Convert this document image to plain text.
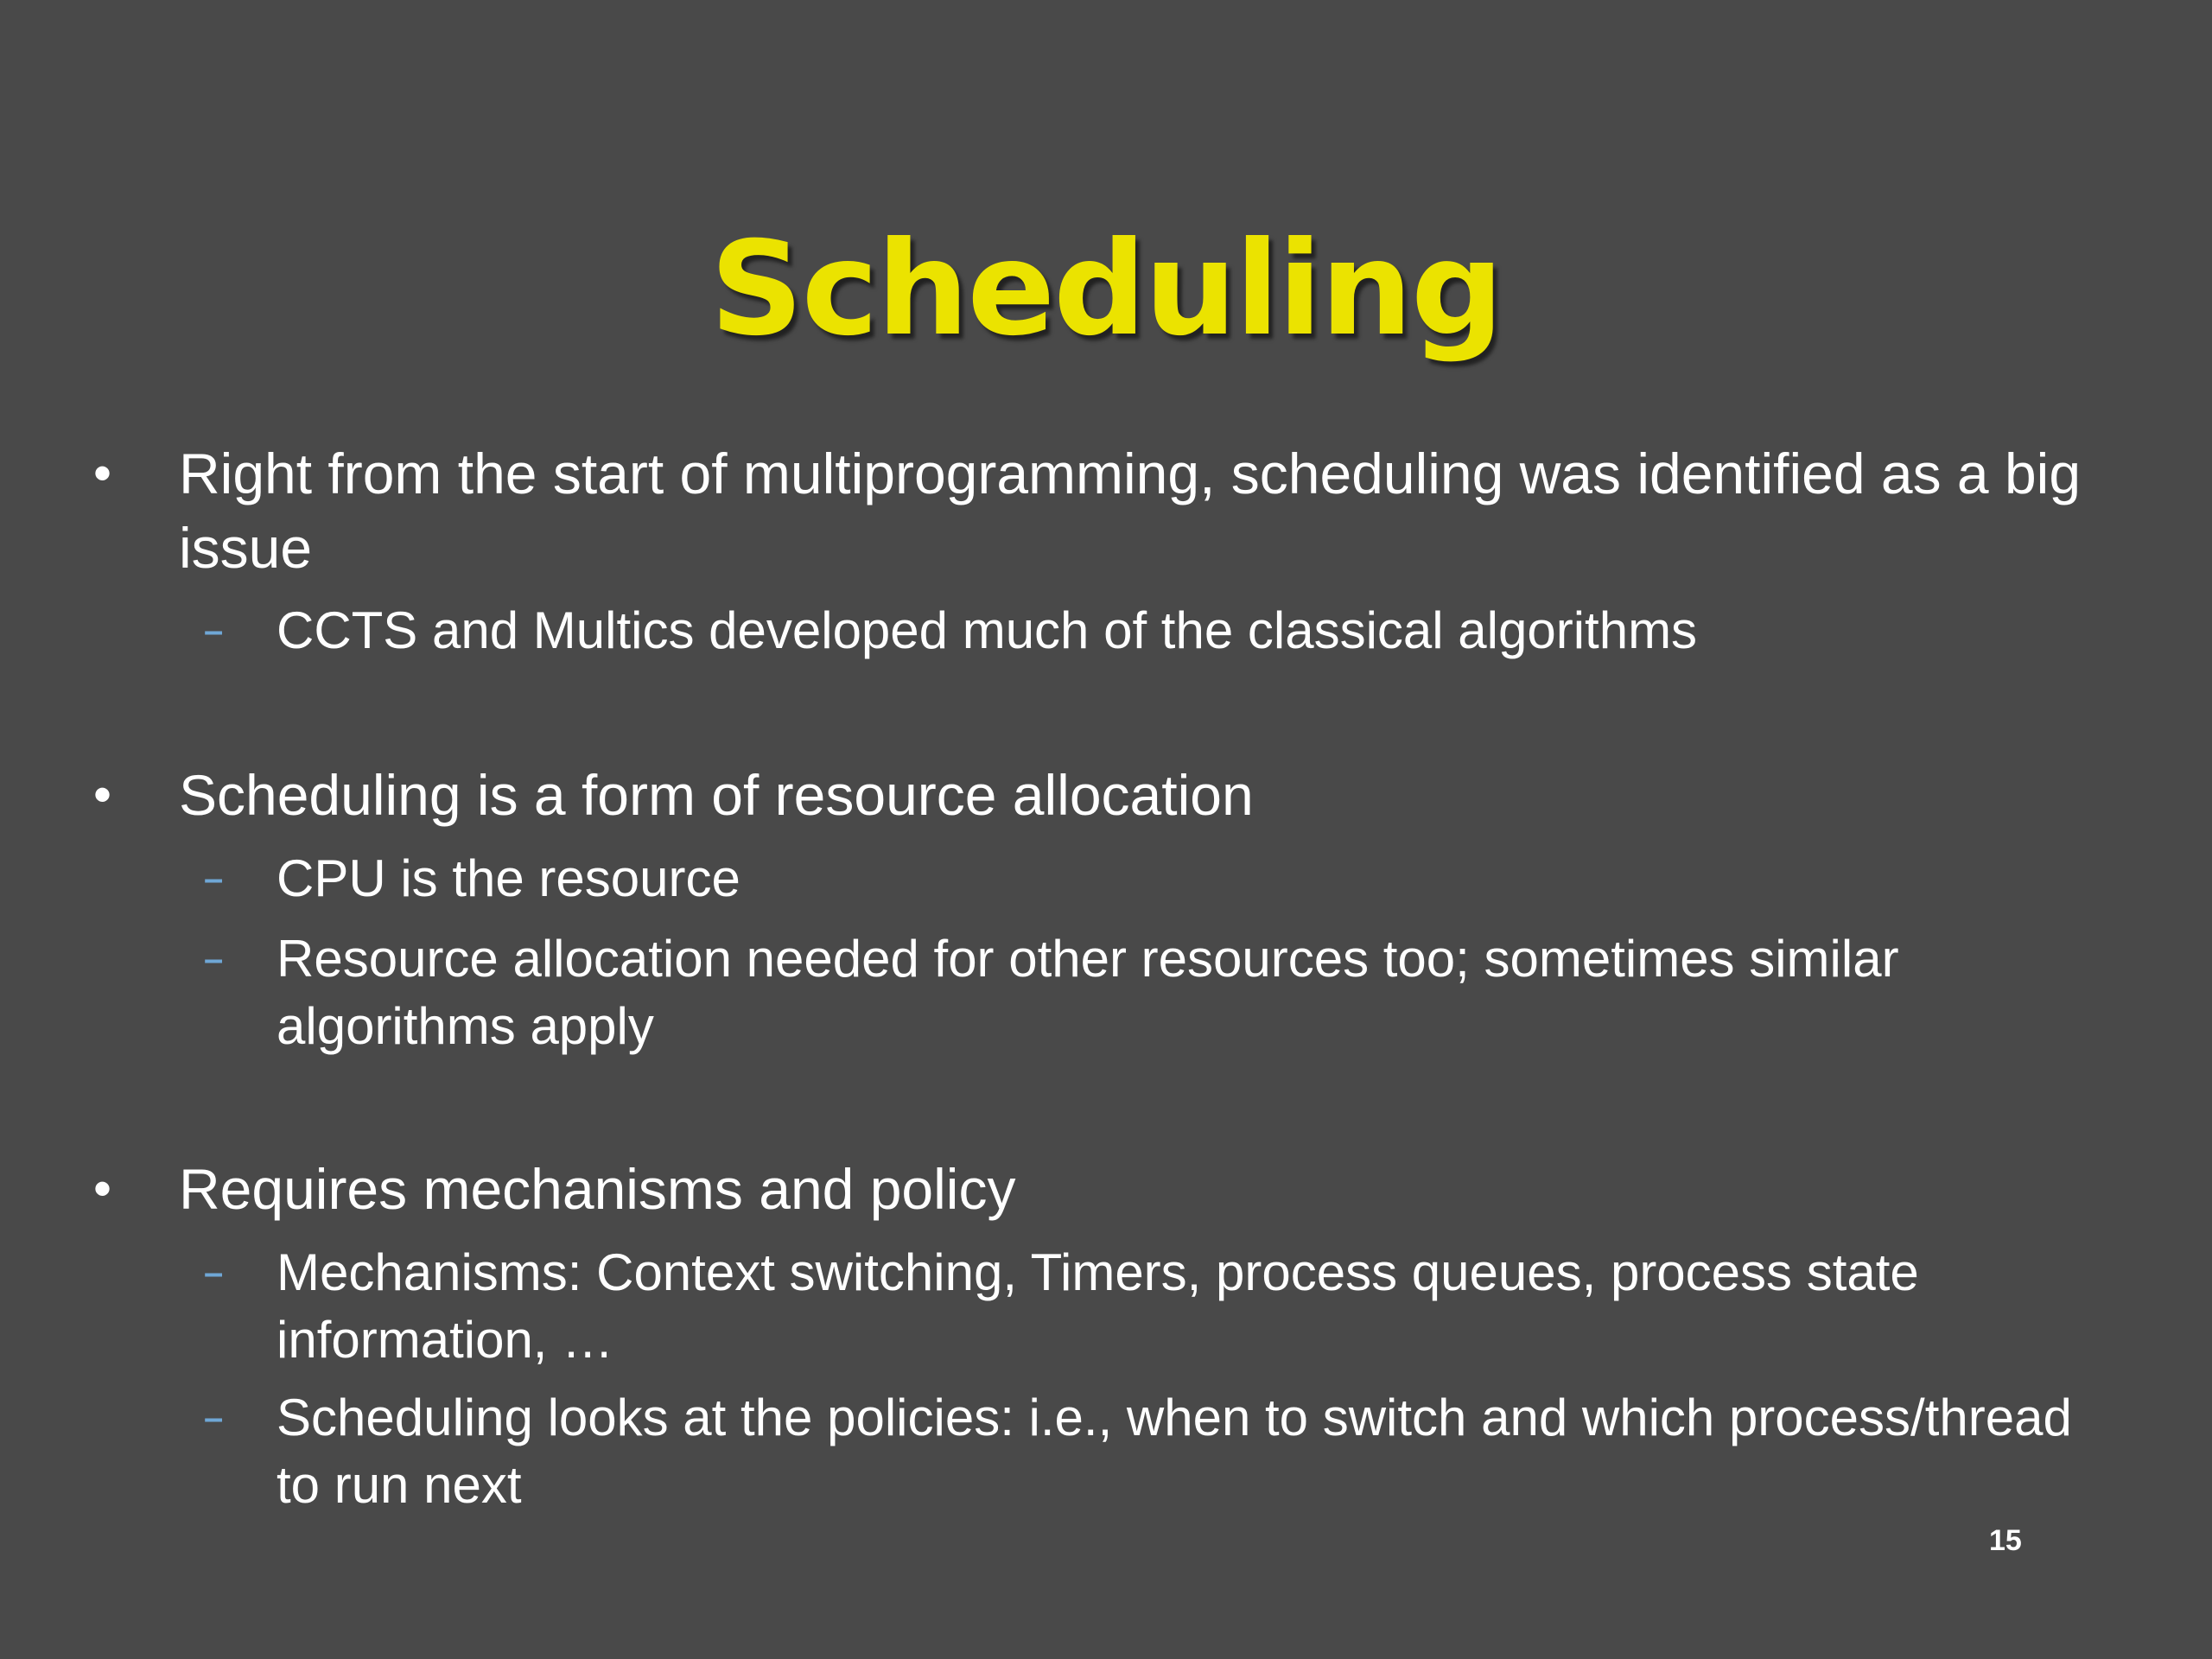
Scheduling
• Right from the start of multiprogramming, scheduling was identified as a big issue
– CCTS and Multics developed much of the classical algorithms
• Scheduling is a form of resource allocation
– CPU is the resource
– Resource allocation needed for other resources too; sometimes similar algorithms apply
• Requires mechanisms and policy
– Mechanisms: Context switching, Timers, process queues, process state information, …
– Scheduling looks at the policies: i.e., when to switch and which process/thread to run next
15
